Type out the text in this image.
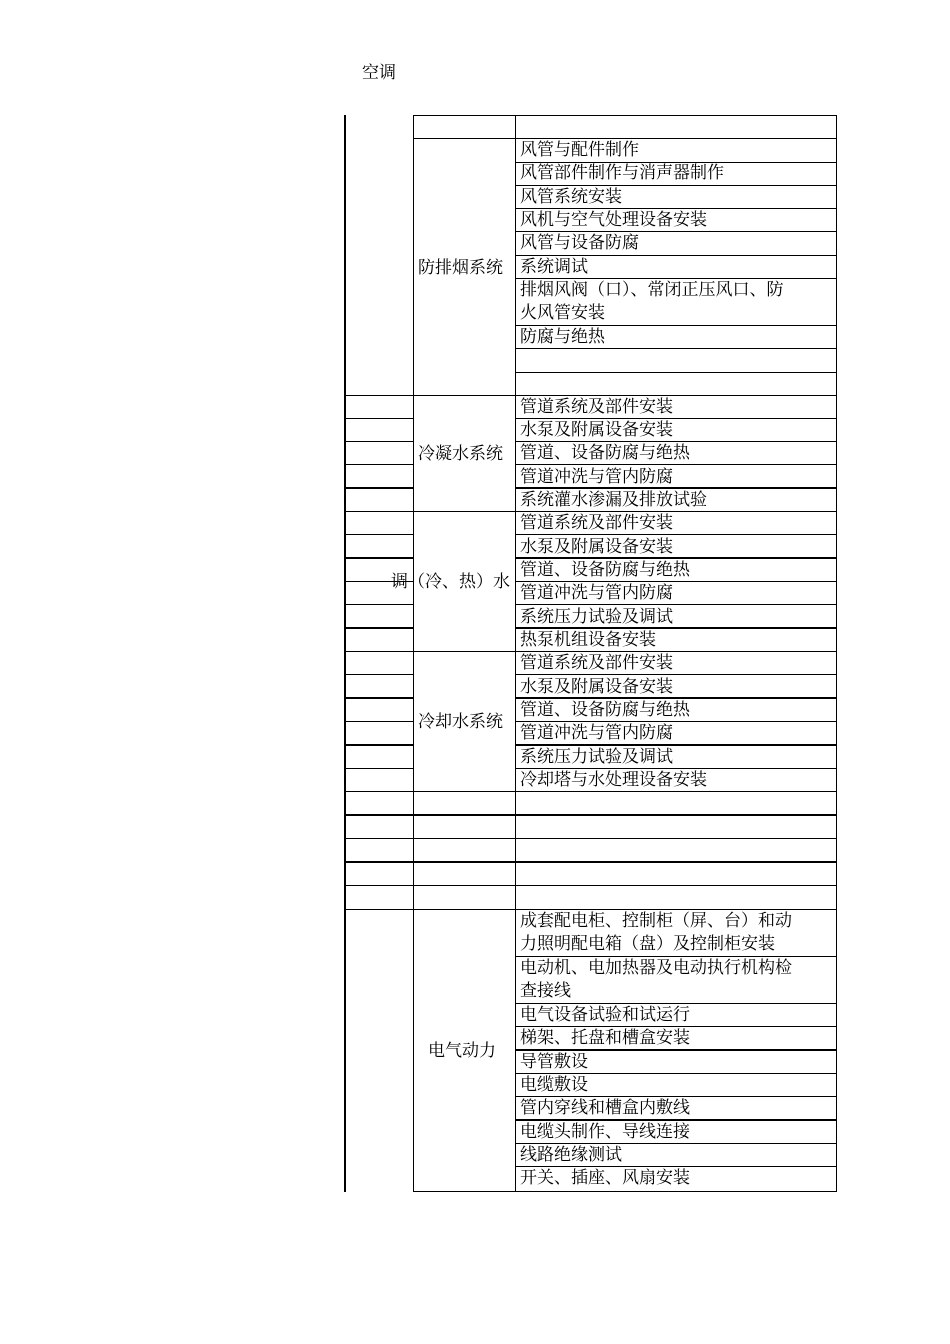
空调
防排烟系统
风管与配件制作
风管部件制作与消声器制作
风管系统安装
风机与空气处理设备安装
风管与设备防腐
系统调试
排烟风阀（口）、常闭正压风口、防
火风管安装
防腐与绝热
冷凝水系统
管道系统及部件安装
水泵及附属设备安装
管道、设备防腐与绝热
管道冲洗与管内防腐
系统灌水渗漏及排放试验
管道系统及部件安装
水泵及附属设备安装
管道、设备防腐与绝热
管道冲洗与管内防腐
系统压力试验及调试
热泵机组设备安装
调（冷、热）水
冷却水系统
管道系统及部件安装
水泵及附属设备安装
管道、设备防腐与绝热
管道冲洗与管内防腐
系统压力试验及调试
冷却塔与水处理设备安装
电气动力
成套配电柜、控制柜（屏、台）和动
力照明配电箱（盘）及控制柜安装
电动机、电加热器及电动执行机构检
查接线
电气设备试验和试运行
梯架、托盘和槽盒安装
导管敷设
电缆敷设
管内穿线和槽盒内敷线
电缆头制作、导线连接
线路绝缘测试
开关、插座、风扇安装
